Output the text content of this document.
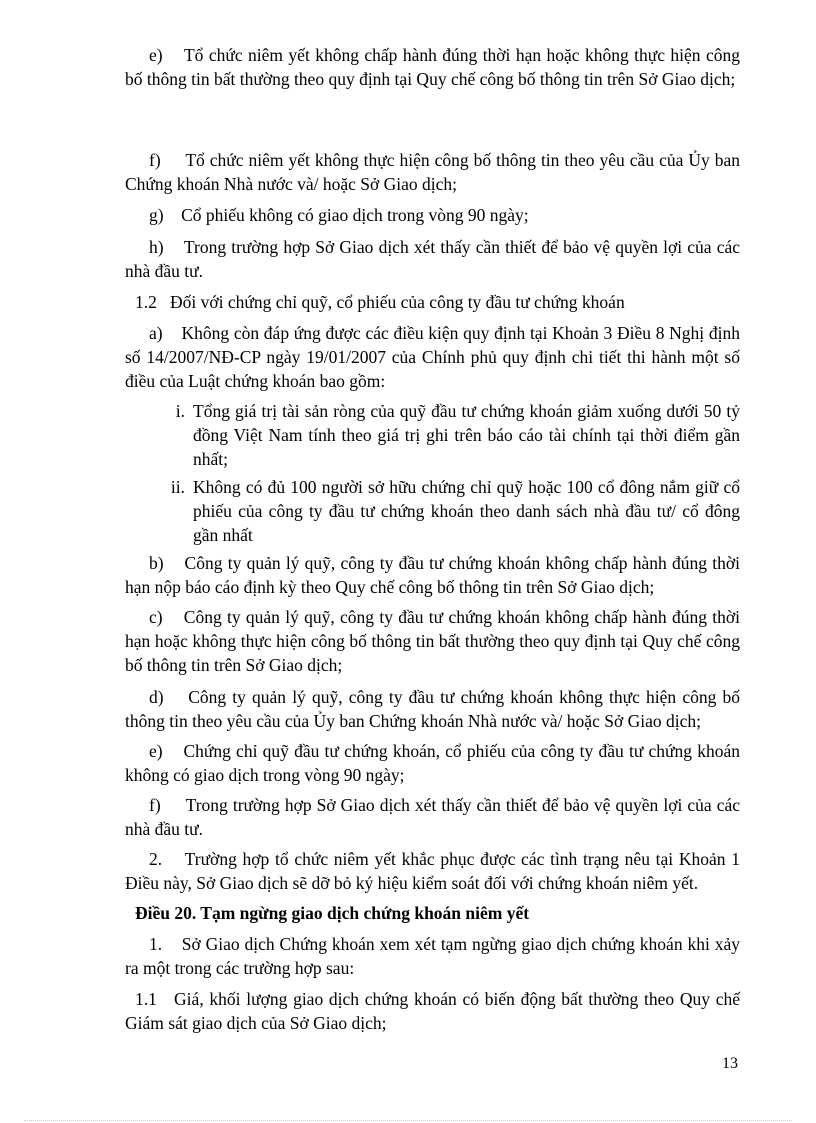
e) Tổ chức niêm yết không chấp hành đúng thời hạn hoặc không thực hiện công bố thông tin bất thường theo quy định tại Quy chế công bố thông tin trên Sở Giao dịch;

f) Tổ chức niêm yết không thực hiện công bố thông tin theo yêu cầu của Ủy ban Chứng khoán Nhà nước và/ hoặc Sở Giao dịch;

g) Cổ phiếu không có giao dịch trong vòng 90 ngày;

h) Trong trường hợp Sở Giao dịch xét thấy cần thiết để bảo vệ quyền lợi của các nhà đầu tư.

1.2 Đối với chứng chỉ quỹ, cổ phiếu của công ty đầu tư chứng khoán

a) Không còn đáp ứng được các điều kiện quy định tại Khoản 3 Điều 8 Nghị định số 14/2007/NĐ-CP ngày 19/01/2007 của Chính phủ quy định chi tiết thi hành một số điều của Luật chứng khoán bao gồm:

i. Tổng giá trị tài sản ròng của quỹ đầu tư chứng khoán giảm xuống dưới 50 tỷ đồng Việt Nam tính theo giá trị ghi trên báo cáo tài chính tại thời điểm gần nhất;
ii. Không có đủ 100 người sở hữu chứng chỉ quỹ hoặc 100 cổ đông nắm giữ cổ phiếu của công ty đầu tư chứng khoán theo danh sách nhà đầu tư/ cổ đông gần nhất

b) Công ty quản lý quỹ, công ty đầu tư chứng khoán không chấp hành đúng thời hạn nộp báo cáo định kỳ theo Quy chế công bố thông tin trên Sở Giao dịch;

c) Công ty quản lý quỹ, công ty đầu tư chứng khoán không chấp hành đúng thời hạn hoặc không thực hiện công bố thông tin bất thường theo quy định tại Quy chế công bố thông tin trên Sở Giao dịch;

d) Công ty quản lý quỹ, công ty đầu tư chứng khoán không thực hiện công bố thông tin theo yêu cầu của Ủy ban Chứng khoán Nhà nước và/ hoặc Sở Giao dịch;

e) Chứng chỉ quỹ đầu tư chứng khoán, cổ phiếu của công ty đầu tư chứng khoán không có giao dịch trong vòng 90 ngày;

f) Trong trường hợp Sở Giao dịch xét thấy cần thiết để bảo vệ quyền lợi của các nhà đầu tư.

2. Trường hợp tổ chức niêm yết khắc phục được các tình trạng nêu tại Khoản 1 Điều này, Sở Giao dịch sẽ dỡ bỏ ký hiệu kiểm soát đối với chứng khoán niêm yết.

Điều 20. Tạm ngừng giao dịch chứng khoán niêm yết

1. Sở Giao dịch Chứng khoán xem xét tạm ngừng giao dịch chứng khoán khi xảy ra một trong các trường hợp sau:

1.1 Giá, khối lượng giao dịch chứng khoán có biến động bất thường theo Quy chế Giám sát giao dịch của Sở Giao dịch;

13
